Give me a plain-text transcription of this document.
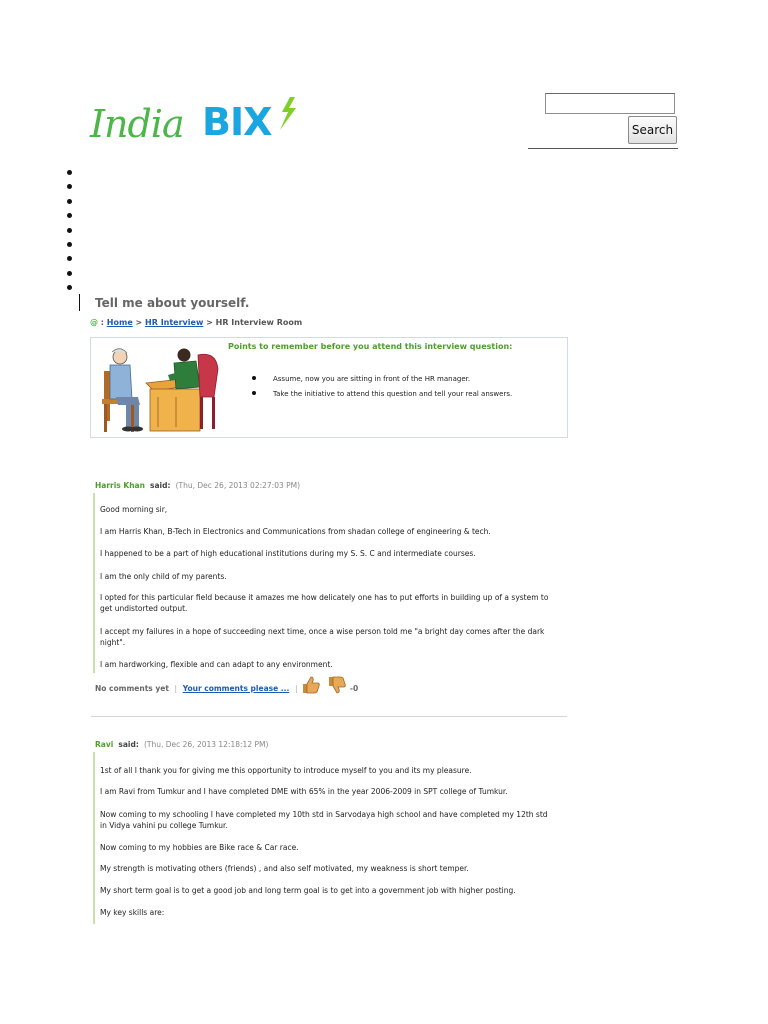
India BIX	Search
Tell me about yourself.
@ : Home > HR Interview > HR Interview Room
Points to remember before you attend this interview question:
Assume, now you are sitting in front of the HR manager.
Take the initiative to attend this question and tell your real answers.
Harris Khan said: (Thu, Dec 26, 2013 02:27:03 PM)
Good morning sir,
I am Harris Khan, B-Tech in Electronics and Communications from shadan college of engineering & tech.
I happened to be a part of high educational institutions during my S. S. C and intermediate courses.
I am the only child of my parents.
I opted for this particular field because it amazes me how delicately one has to put efforts in building up of a system to
get undistorted output.
I accept my failures in a hope of succeeding next time, once a wise person told me "a bright day comes after the dark
night".
I am hardworking, flexible and can adapt to any environment.
No comments yet | Your comments please ... |	-0
Ravi said: (Thu, Dec 26, 2013 12:18:12 PM)
1st of all I thank you for giving me this opportunity to introduce myself to you and its my pleasure.
I am Ravi from Tumkur and I have completed DME with 65% in the year 2006-2009 in SPT college of Tumkur.
Now coming to my schooling I have completed my 10th std in Sarvodaya high school and have completed my 12th std
in Vidya vahini pu college Tumkur.
Now coming to my hobbies are Bike race & Car race.
My strength is motivating others (friends) , and also self motivated, my weakness is short temper.
My short term goal is to get a good job and long term goal is to get into a government job with higher posting.
My key skills are:
